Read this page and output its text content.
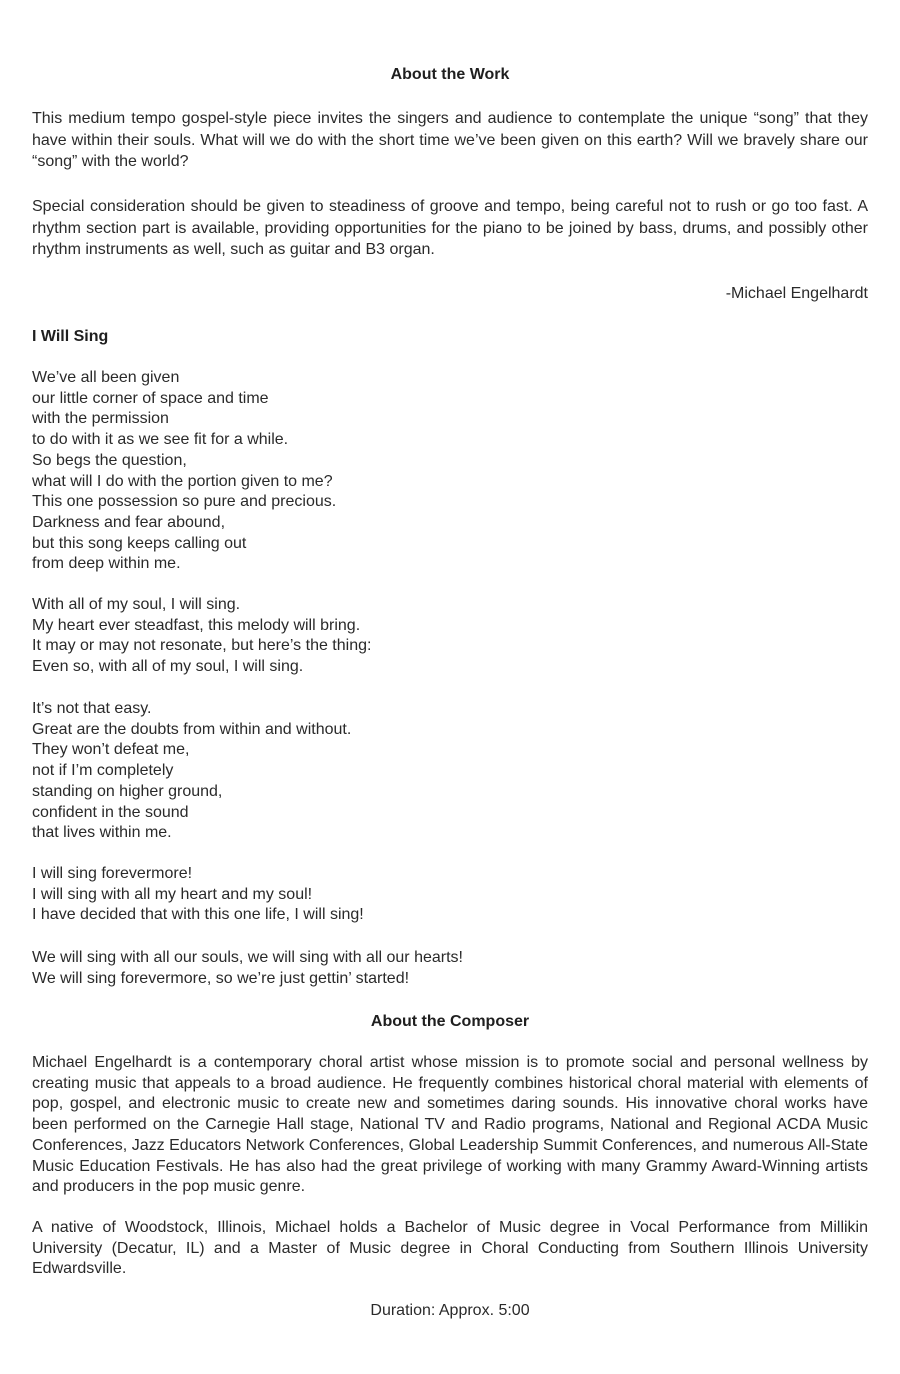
About the Work

This medium tempo gospel-style piece invites the singers and audience to contemplate the unique “song” that they have within their souls. What will we do with the short time we’ve been given on this earth? Will we bravely share our “song” with the world?

Special consideration should be given to steadiness of groove and tempo, being careful not to rush or go too fast. A rhythm section part is available, providing opportunities for the piano to be joined by bass, drums, and possibly other rhythm instruments as well, such as guitar and B3 organ.

-Michael Engelhardt
I Will Sing
We’ve all been given
our little corner of space and time
with the permission
to do with it as we see fit for a while.
So begs the question,
what will I do with the portion given to me?
This one possession so pure and precious.
Darkness and fear abound,
but this song keeps calling out
from deep within me.
With all of my soul, I will sing.
My heart ever steadfast, this melody will bring.
It may or may not resonate, but here’s the thing:
Even so, with all of my soul, I will sing.
It’s not that easy.
Great are the doubts from within and without.
They won’t defeat me,
not if I’m completely
standing on higher ground,
confident in the sound
that lives within me.
I will sing forevermore!
I will sing with all my heart and my soul!
I have decided that with this one life, I will sing!
We will sing with all our souls, we will sing with all our hearts!
We will sing forevermore, so we’re just gettin’ started!
About the Composer

Michael Engelhardt is a contemporary choral artist whose mission is to promote social and personal wellness by creating music that appeals to a broad audience. He frequently combines historical choral material with elements of pop, gospel, and electronic music to create new and sometimes daring sounds. His innovative choral works have been performed on the Carnegie Hall stage, National TV and Radio programs, National and Regional ACDA Music Conferences, Jazz Educators Network Conferences, Global Leadership Summit Conferences, and numerous All-State Music Education Festivals. He has also had the great privilege of working with many Grammy Award-Winning artists and producers in the pop music genre.

A native of Woodstock, Illinois, Michael holds a Bachelor of Music degree in Vocal Performance from Millikin University (Decatur, IL) and a Master of Music degree in Choral Conducting from Southern Illinois University Edwardsville.

Duration: Approx. 5:00
